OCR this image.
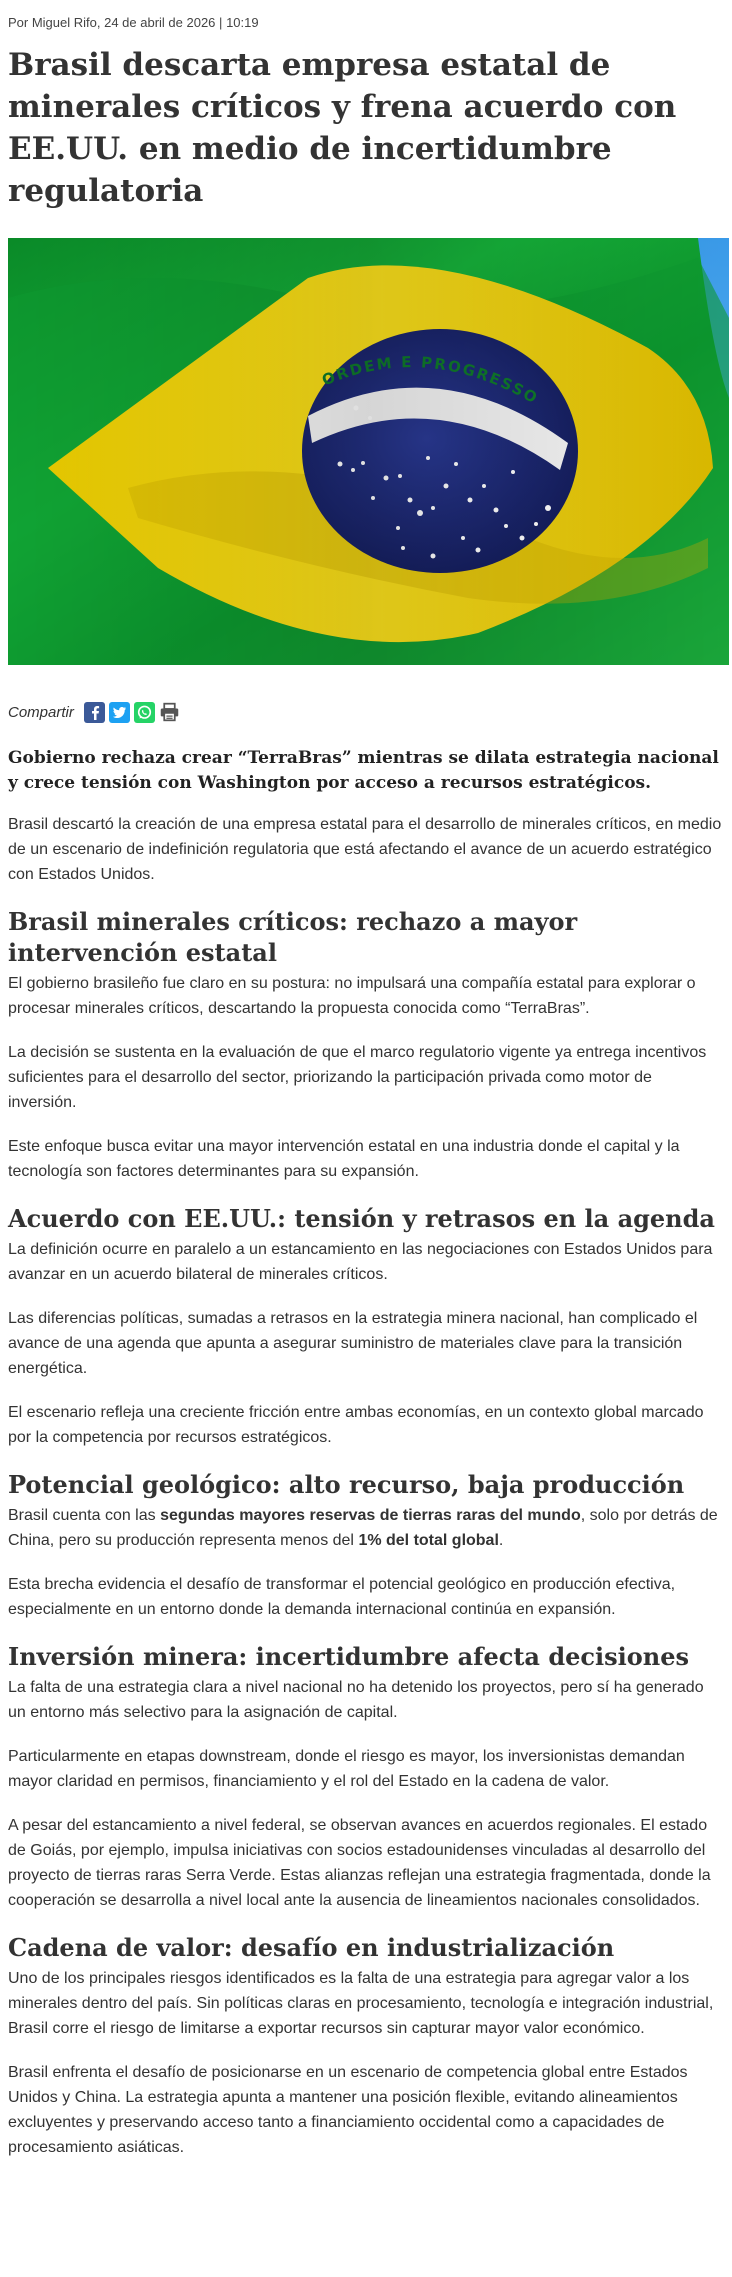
Por Miguel Rifo, 24 de abril de 2026 | 10:19
Brasil descarta empresa estatal de minerales críticos y frena acuerdo con EE.UU. en medio de incertidumbre regulatoria
Compartir

Gobierno rechaza crear “TerraBras” mientras se dilata estrategia nacional y crece tensión con Washington por acceso a recursos estratégicos.

Brasil descartó la creación de una empresa estatal para el desarrollo de minerales críticos, en medio de un escenario de indefinición regulatoria que está afectando el avance de un acuerdo estratégico con Estados Unidos.

Brasil minerales críticos: rechazo a mayor intervención estatal

El gobierno brasileño fue claro en su postura: no impulsará una compañía estatal para explorar o procesar minerales críticos, descartando la propuesta conocida como “TerraBras”.

La decisión se sustenta en la evaluación de que el marco regulatorio vigente ya entrega incentivos suficientes para el desarrollo del sector, priorizando la participación privada como motor de inversión.

Este enfoque busca evitar una mayor intervención estatal en una industria donde el capital y la tecnología son factores determinantes para su expansión.

Acuerdo con EE.UU.: tensión y retrasos en la agenda

La definición ocurre en paralelo a un estancamiento en las negociaciones con Estados Unidos para avanzar en un acuerdo bilateral de minerales críticos.

Las diferencias políticas, sumadas a retrasos en la estrategia minera nacional, han complicado el avance de una agenda que apunta a asegurar suministro de materiales clave para la transición energética.

El escenario refleja una creciente fricción entre ambas economías, en un contexto global marcado por la competencia por recursos estratégicos.

Potencial geológico: alto recurso, baja producción

Brasil cuenta con las segundas mayores reservas de tierras raras del mundo, solo por detrás de China, pero su producción representa menos del 1% del total global.

Esta brecha evidencia el desafío de transformar el potencial geológico en producción efectiva, especialmente en un entorno donde la demanda internacional continúa en expansión.

Inversión minera: incertidumbre afecta decisiones

La falta de una estrategia clara a nivel nacional no ha detenido los proyectos, pero sí ha generado un entorno más selectivo para la asignación de capital.

Particularmente en etapas downstream, donde el riesgo es mayor, los inversionistas demandan mayor claridad en permisos, financiamiento y el rol del Estado en la cadena de valor.

A pesar del estancamiento a nivel federal, se observan avances en acuerdos regionales. El estado de Goiás, por ejemplo, impulsa iniciativas con socios estadounidenses vinculadas al desarrollo del proyecto de tierras raras Serra Verde. Estas alianzas reflejan una estrategia fragmentada, donde la cooperación se desarrolla a nivel local ante la ausencia de lineamientos nacionales consolidados.

Cadena de valor: desafío en industrialización

Uno de los principales riesgos identificados es la falta de una estrategia para agregar valor a los minerales dentro del país. Sin políticas claras en procesamiento, tecnología e integración industrial, Brasil corre el riesgo de limitarse a exportar recursos sin capturar mayor valor económico.

Brasil enfrenta el desafío de posicionarse en un escenario de competencia global entre Estados Unidos y China. La estrategia apunta a mantener una posición flexible, evitando alineamientos excluyentes y preservando acceso tanto a financiamiento occidental como a capacidades de procesamiento asiáticas.
